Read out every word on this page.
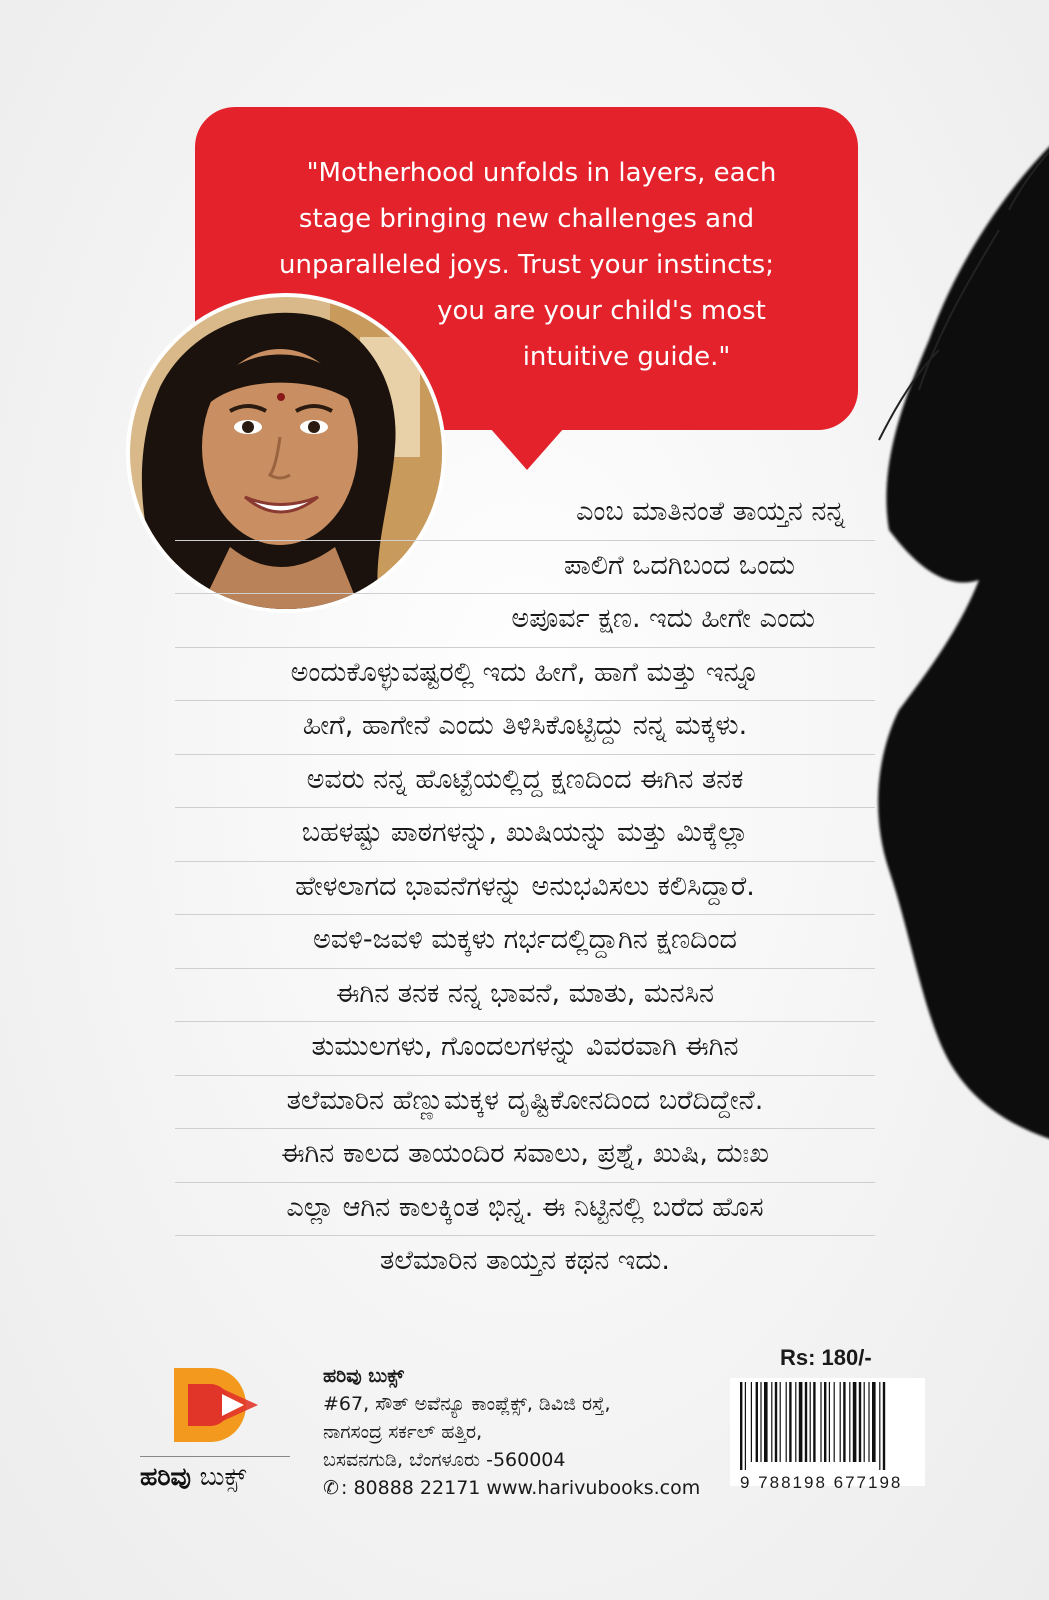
"Motherhood unfolds in layers, each
stage bringing new challenges and
unparalleled joys. Trust your instincts;
you are your child's most
intuitive guide."
ಎಂಬ ಮಾತಿನಂತೆ ತಾಯ್ತನ ನನ್ನ
ಪಾಲಿಗೆ ಒದಗಿಬಂದ ಒಂದು
ಅಪೂರ್ವ ಕ್ಷಣ. ಇದು ಹೀಗೇ ಎಂದು
ಅಂದುಕೊಳ್ಳುವಷ್ಟರಲ್ಲಿ ಇದು ಹೀಗೆ, ಹಾಗೆ ಮತ್ತು ಇನ್ನೂ
ಹೀಗೆ, ಹಾಗೇನೆ ಎಂದು ತಿಳಿಸಿಕೊಟ್ಟಿದ್ದು ನನ್ನ ಮಕ್ಕಳು.
ಅವರು ನನ್ನ ಹೊಟ್ಟೆಯಲ್ಲಿದ್ದ ಕ್ಷಣದಿಂದ ಈಗಿನ ತನಕ
ಬಹಳಷ್ಟು ಪಾಠಗಳನ್ನು, ಖುಷಿಯನ್ನು ಮತ್ತು ಮಿಕ್ಕೆಲ್ಲಾ
ಹೇಳಲಾಗದ ಭಾವನೆಗಳನ್ನು ಅನುಭವಿಸಲು ಕಲಿಸಿದ್ದಾರೆ.
ಅವಳಿ-ಜವಳಿ ಮಕ್ಕಳು ಗರ್ಭದಲ್ಲಿದ್ದಾಗಿನ ಕ್ಷಣದಿಂದ
ಈಗಿನ ತನಕ ನನ್ನ ಭಾವನೆ, ಮಾತು, ಮನಸಿನ
ತುಮುಲಗಳು, ಗೊಂದಲಗಳನ್ನು ವಿವರವಾಗಿ ಈಗಿನ
ತಲೆಮಾರಿನ ಹೆಣ್ಣುಮಕ್ಕಳ ದೃಷ್ಟಿಕೋನದಿಂದ ಬರೆದಿದ್ದೇನೆ.
ಈಗಿನ ಕಾಲದ ತಾಯಂದಿರ ಸವಾಲು, ಪ್ರಶ್ನೆ, ಖುಷಿ, ದುಃಖ
ಎಲ್ಲಾ ಆಗಿನ ಕಾಲಕ್ಕಿಂತ ಭಿನ್ನ. ಈ ನಿಟ್ಟಿನಲ್ಲಿ ಬರೆದ ಹೊಸ
ತಲೆಮಾರಿನ ತಾಯ್ತನ ಕಥನ ಇದು.
ಹರಿವು ಬುಕ್ಸ್
ಹರಿವು ಬುಕ್ಸ್
#67, ಸೌತ್ ಅವೆನ್ಯೂ ಕಾಂಪ್ಲೆಕ್ಸ್, ಡಿವಿಜಿ ರಸ್ತೆ,
ನಾಗಸಂದ್ರ ಸರ್ಕಲ್ ಹತ್ತಿರ,
ಬಸವನಗುಡಿ, ಬೆಂಗಳೂರು -560004
✆ : 80888 22171 www.harivubooks.com
Rs: 180/-
9 788198 677198
